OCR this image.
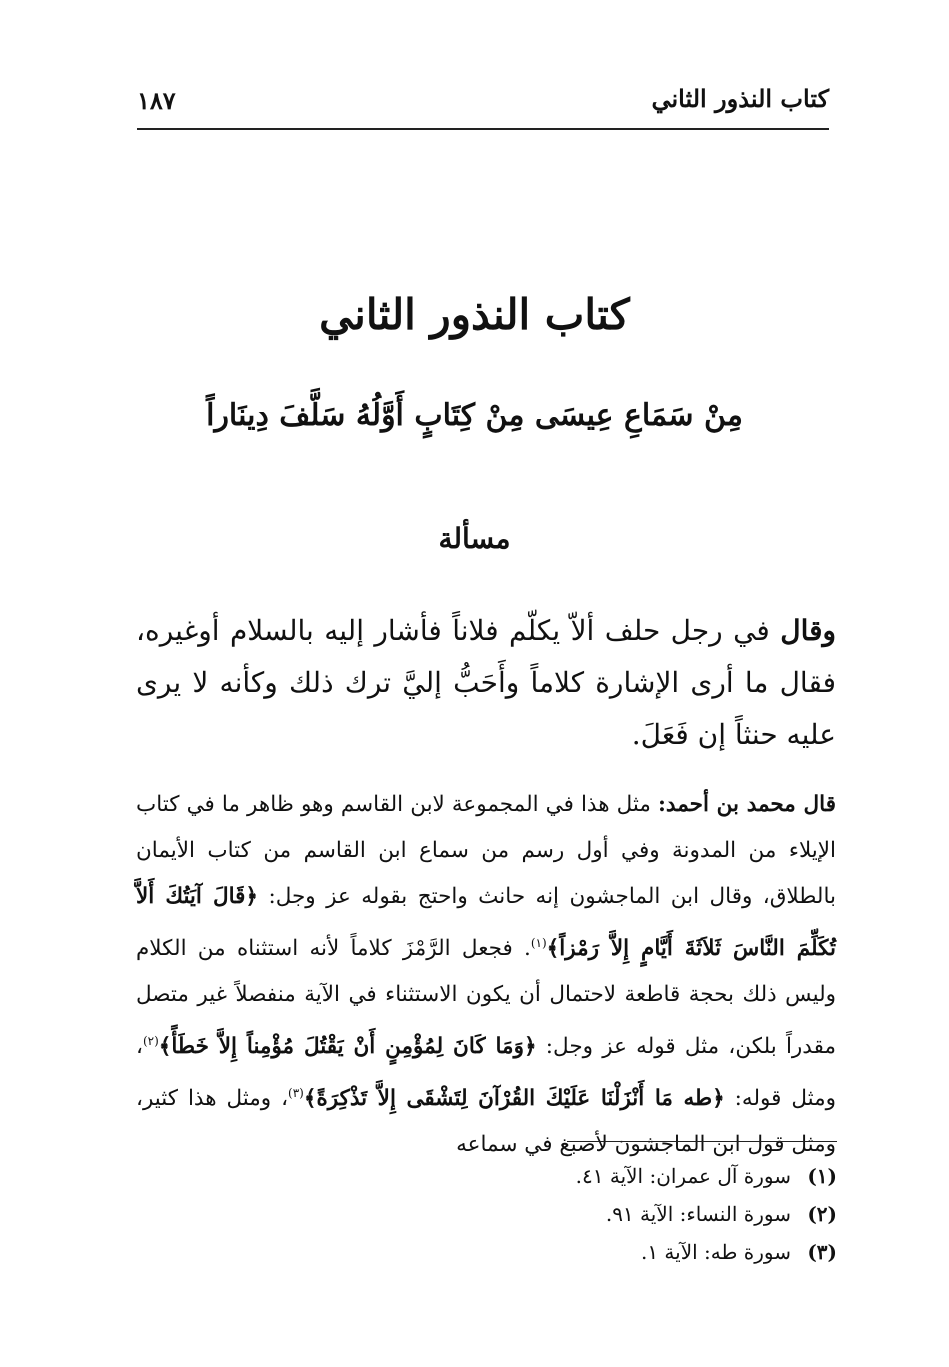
كتاب النذور الثاني
١٨٧
كتاب النذور الثاني
مِنْ سَمَاعِ عِيسَى مِنْ كِتَابٍ أَوَّلُهُ سَلَّفَ دِينَاراً
مسألة

وقال في رجل حلف ألاّ يكلّم فلاناً فأشار إليه بالسلام أوغيره، فقال ما أرى الإشارة كلاماً وأَحَبُّ إليَّ ترك ذلك وكأنه لا يرى عليه حنثاً إن فَعَلَ.

قال محمد بن أحمد: مثل هذا في المجموعة لابن القاسم وهو ظاهر ما في كتاب الإيلاء من المدونة وفي أول رسم من سماع ابن القاسم من كتاب الأيمان بالطلاق، وقال ابن الماجشون إنه حانث واحتج بقوله عز وجل: ﴿قَالَ آيَتُكَ أَلاَّ تُكَلِّمَ النَّاسَ ثَلاَثَةَ أَيَّامٍ إِلاَّ رَمْزاً﴾$^{(١)}$. فجعل الرَّمْزَ كلاماً لأنه استثناه من الكلام وليس ذلك بحجة قاطعة لاحتمال أن يكون الاستثناء في الآية منفصلاً غير متصل مقدراً بلكن، مثل قوله عز وجل: ﴿وَمَا كَانَ لِمُؤْمِنٍ أَنْ يَقْتُلَ مُؤْمِناً إِلاَّ خَطَأً﴾$^{(٢)}$، ومثل قوله: ﴿طه مَا أَنْزَلْنَا عَلَيْكَ القُرْآنَ لِتَشْقَى إِلاَّ تَذْكِرَةً﴾$^{(٣)}$، ومثل هذا كثير، ومثل قول ابن الماجشون لأصبغ في سماعه

(١)سورة آل عمران: الآية ٤١.
(٢)سورة النساء: الآية ٩١.
(٣)سورة طه: الآية ١.
